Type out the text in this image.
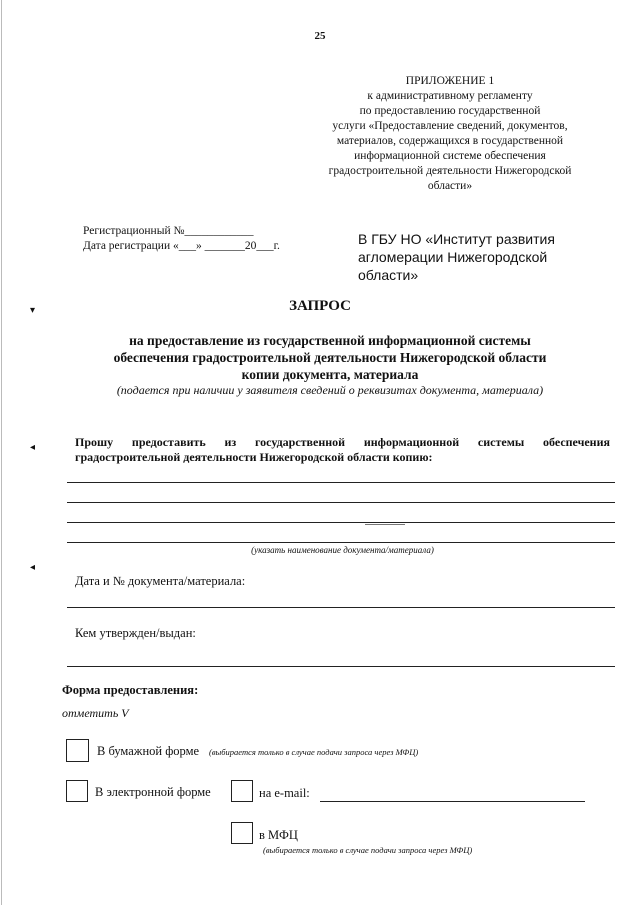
▾
◂
◂
25
ПРИЛОЖЕНИЕ 1
к административному регламенту
по предоставлению государственной
услуги «Предоставление сведений, документов,
материалов, содержащихся в государственной
информационной системе обеспечения
градостроительной деятельности Нижегородской
области»
Регистрационный №____________
Дата регистрации «___» _______20___г.	В ГБУ НО «Институт развития агломерации Нижегородской области»
ЗАПРОС
на предоставление из государственной информационной системы
обеспечения градостроительной деятельности Нижегородской области
копии документа, материала
(подается при наличии у заявителя сведений о реквизитах документа, материала)
Прошу предоставить из государственной информационной системы обеспечения градостроительной деятельности Нижегородской области копию:
(указать наименование документа/материала)
Дата и № документа/материала:
Кем утвержден/выдан:
Форма предоставления:
отметить V
В бумажной форме (выбирается только в случае подачи запроса через МФЦ)
В электронной форме	на e-mail:
в МФЦ
(выбирается только в случае подачи запроса через МФЦ)
